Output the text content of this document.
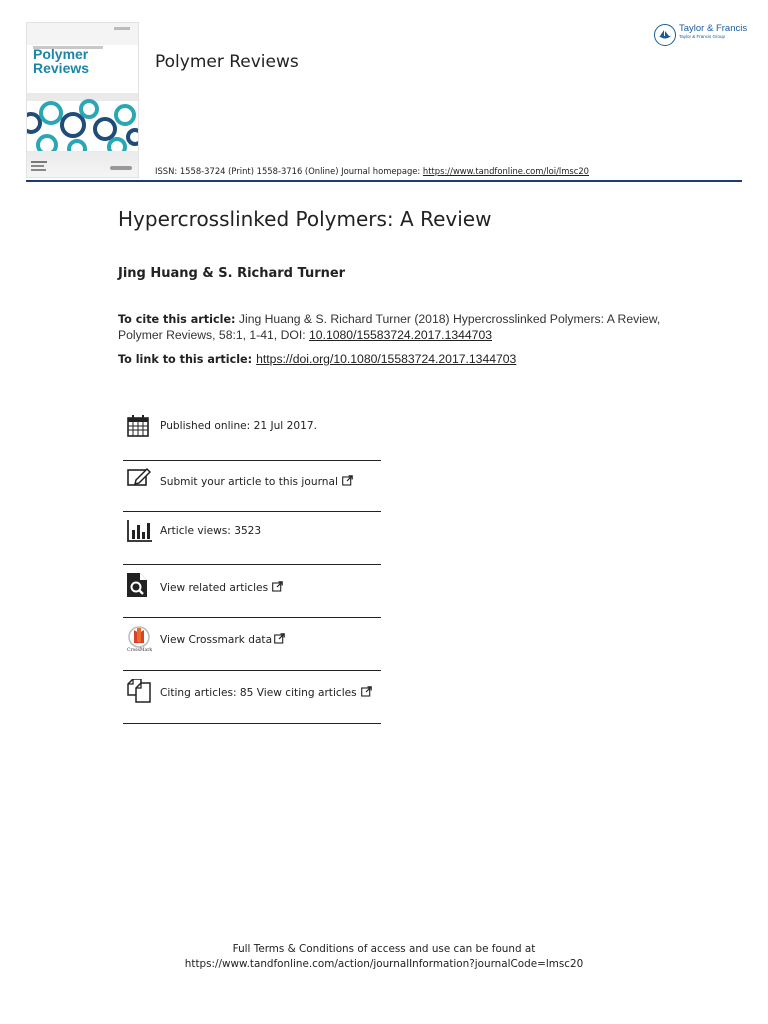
Polymer
Reviews	Polymer Reviews
Taylor & Francis
Taylor & Francis Group
ISSN: 1558-3724 (Print) 1558-3716 (Online) Journal homepage: https://www.tandfonline.com/loi/lmsc20
Hypercrosslinked Polymers: A Review
Jing Huang & S. Richard Turner
To cite this article: Jing Huang & S. Richard Turner (2018) Hypercrosslinked Polymers: A Review, Polymer Reviews, 58:1, 1-41, DOI: 10.1080/15583724.2017.1344703
To link to this article: https://doi.org/10.1080/15583724.2017.1344703
Published online: 21 Jul 2017.
Submit your article to this journal
Article views: 3523
View related articles
CrossMark
View Crossmark data
Citing articles: 85 View citing articles
Full Terms & Conditions of access and use can be found at
https://www.tandfonline.com/action/journalInformation?journalCode=lmsc20
